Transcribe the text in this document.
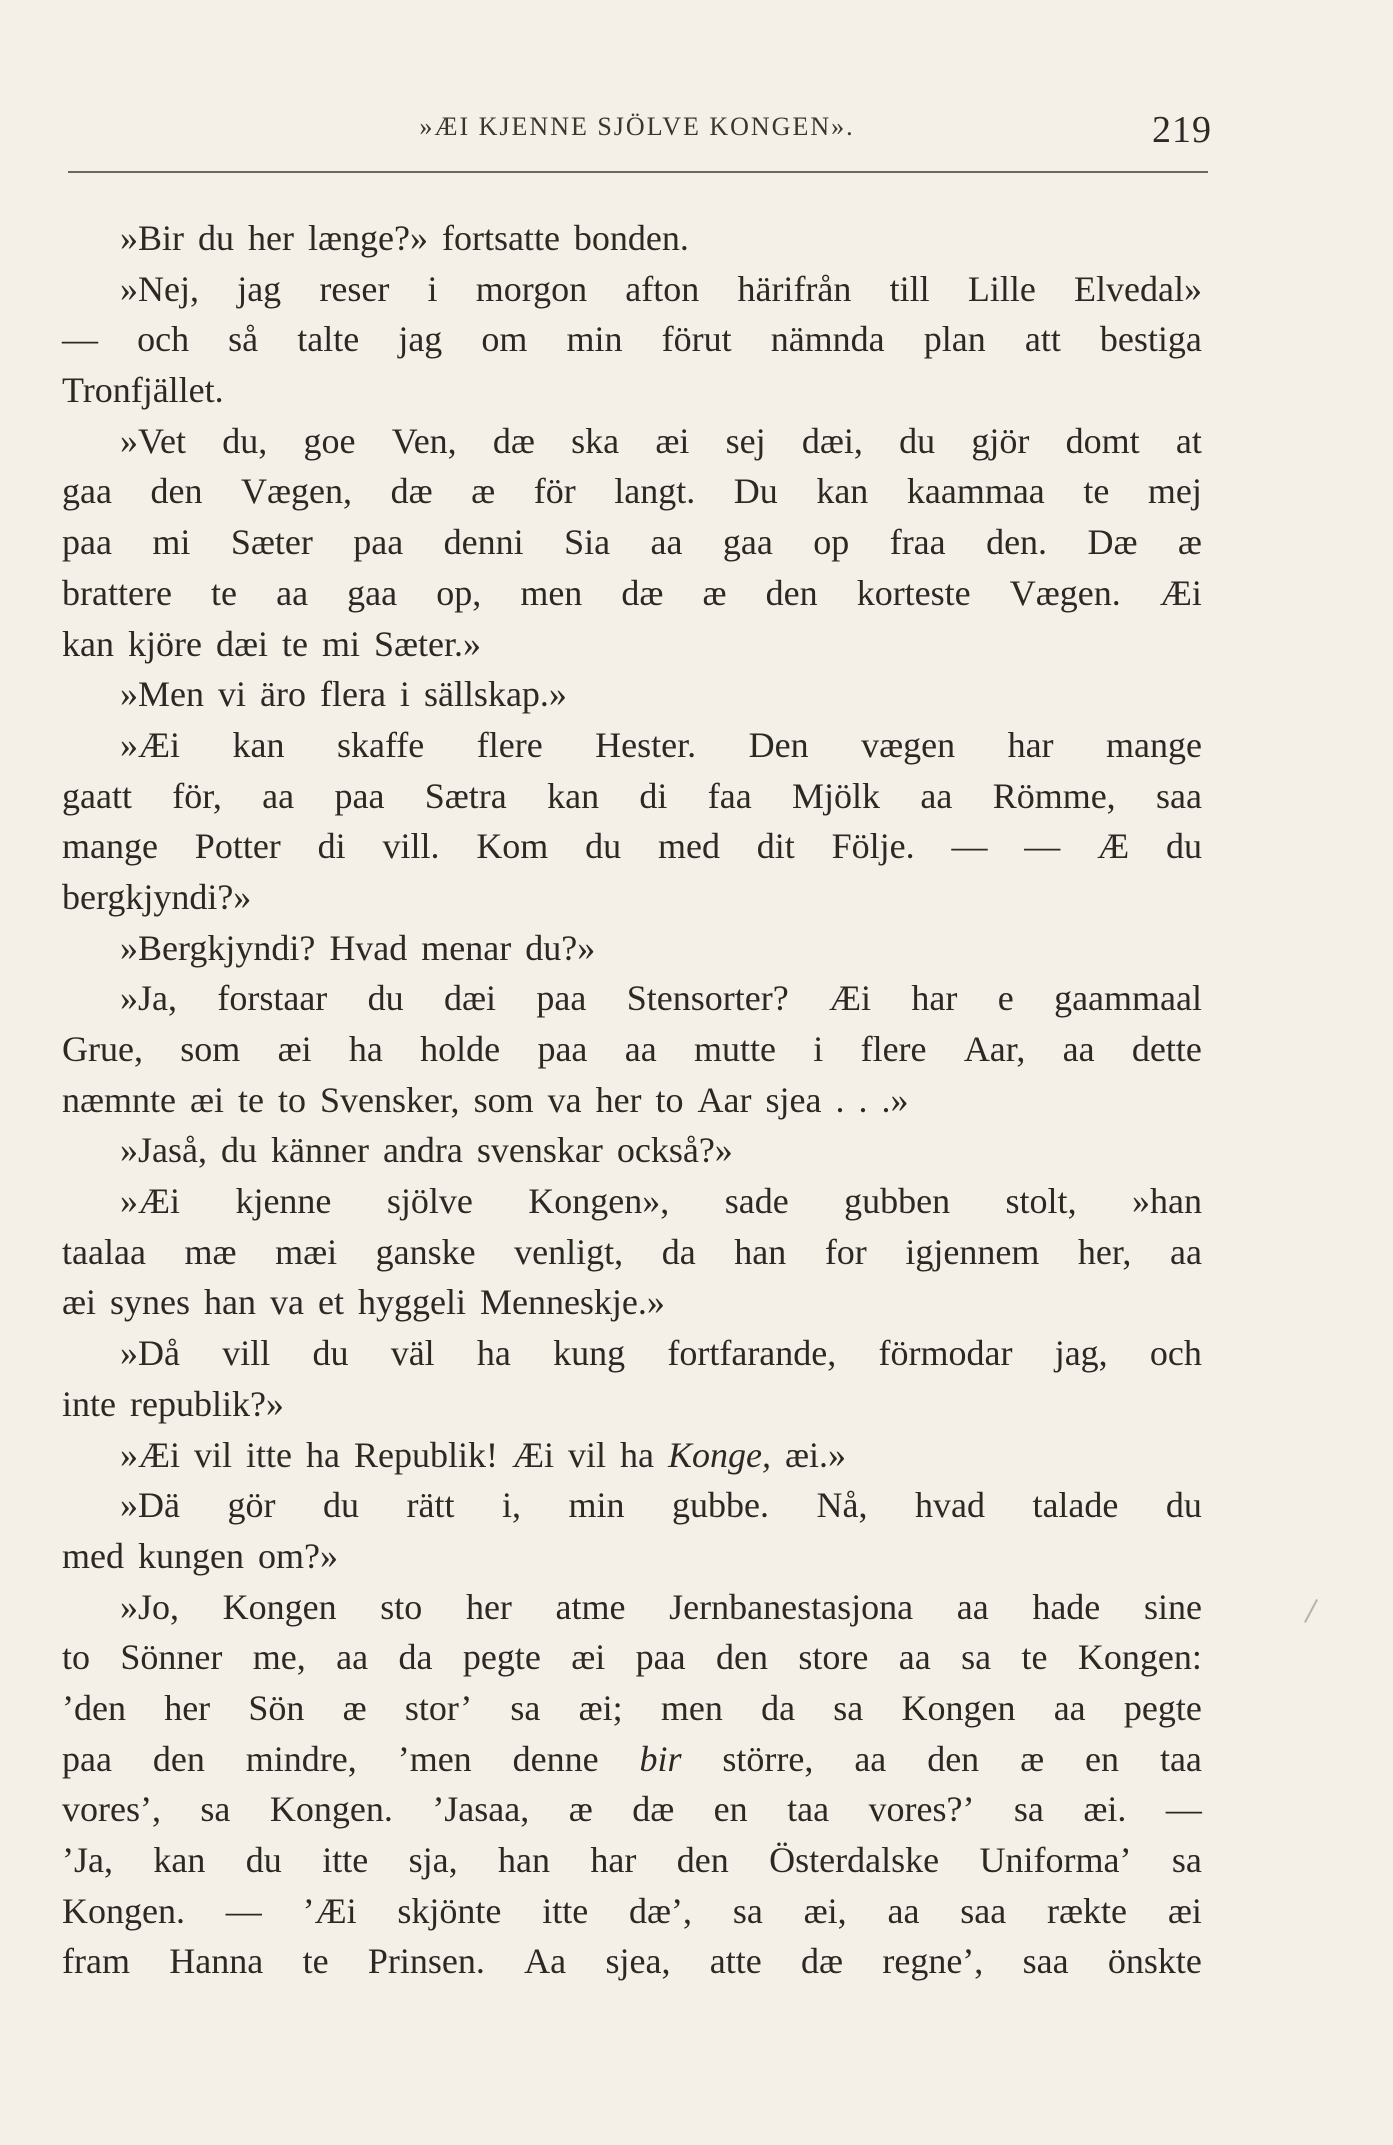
»ÆI KJENNE SJÖLVE KONGEN».	219
»Bir du her længe?» fortsatte bonden.
»Nej, jag reser i morgon afton härifrån till Lille Elvedal»
— och så talte jag om min förut nämnda plan att bestiga
Tronfjället.
»Vet du, goe Ven, dæ ska æi sej dæi, du gjör domt at
gaa den Vægen, dæ æ för langt. Du kan kaammaa te mej
paa mi Sæter paa denni Sia aa gaa op fraa den. Dæ æ
brattere te aa gaa op, men dæ æ den korteste Vægen. Æi
kan kjöre dæi te mi Sæter.»
»Men vi äro flera i sällskap.»
»Æi kan skaffe flere Hester. Den vægen har mange
gaatt för, aa paa Sætra kan di faa Mjölk aa Römme, saa
mange Potter di vill. Kom du med dit Följe. — — Æ du
bergkjyndi?»
»Bergkjyndi? Hvad menar du?»
»Ja, forstaar du dæi paa Stensorter? Æi har e gaammaal
Grue, som æi ha holde paa aa mutte i flere Aar, aa dette
næmnte æi te to Svensker, som va her to Aar sjea . . .»
»Jaså, du känner andra svenskar också?»
»Æi kjenne sjölve Kongen», sade gubben stolt, »han
taalaa mæ mæi ganske venligt, da han for igjennem her, aa
æi synes han va et hyggeli Menneskje.»
»Då vill du väl ha kung fortfarande, förmodar jag, och
inte republik?»
»Æi vil itte ha Republik! Æi vil ha Konge, æi.»
»Dä gör du rätt i, min gubbe. Nå, hvad talade du
med kungen om?»
»Jo, Kongen sto her atme Jernbanestasjona aa hade sine
to Sönner me, aa da pegte æi paa den store aa sa te Kongen:
’den her Sön æ stor’ sa æi; men da sa Kongen aa pegte
paa den mindre, ’men denne bir större, aa den æ en taa
vores’, sa Kongen. ’Jasaa, æ dæ en taa vores?’ sa æi. —
’Ja, kan du itte sja, han har den Österdalske Uniforma’ sa
Kongen. — ’Æi skjönte itte dæ’, sa æi, aa saa rækte æi
fram Hanna te Prinsen. Aa sjea, atte dæ regne’, saa önskte
